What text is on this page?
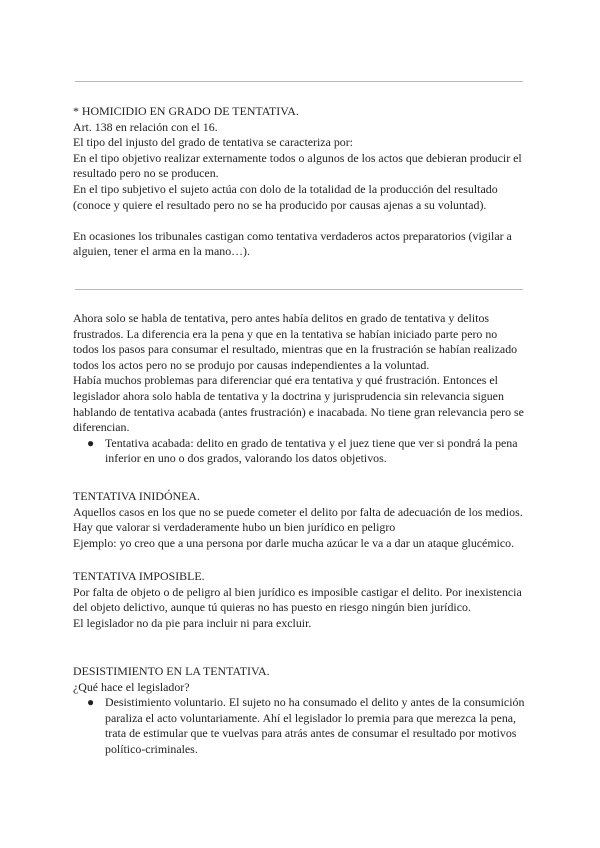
* HOMICIDIO EN GRADO DE TENTATIVA.

Art. 138 en relación con el 16.

El tipo del injusto del grado de tentativa se caracteriza por:

En el tipo objetivo realizar externamente todos o algunos de los actos que debieran producir el resultado pero no se producen.

En el tipo subjetivo el sujeto actúa con dolo de la totalidad de la producción del resultado (conoce y quiere el resultado pero no se ha producido por causas ajenas a su voluntad).

En ocasiones los tribunales castigan como tentativa verdaderos actos preparatorios (vigilar a alguien, tener el arma en la mano…).

Ahora solo se habla de tentativa, pero antes había delitos en grado de tentativa y delitos frustrados. La diferencia era la pena y que en la tentativa se habían iniciado parte pero no todos los pasos para consumar el resultado, mientras que en la frustración se habían realizado todos los actos pero no se produjo por causas independientes a la voluntad.

Había muchos problemas para diferenciar qué era tentativa y qué frustración. Entonces el legislador ahora solo habla de tentativa y la doctrina y jurisprudencia sin relevancia siguen hablando de tentativa acabada (antes frustración) e inacabada. No tiene gran relevancia pero se diferencian.

● Tentativa acabada: delito en grado de tentativa y el juez tiene que ver si pondrá la pena inferior en uno o dos grados, valorando los datos objetivos.

TENTATIVA INIDÓNEA.

Aquellos casos en los que no se puede cometer el delito por falta de adecuación de los medios. Hay que valorar si verdaderamente hubo un bien jurídico en peligro

Ejemplo: yo creo que a una persona por darle mucha azúcar le va a dar un ataque glucémico.

TENTATIVA IMPOSIBLE.

Por falta de objeto o de peligro al bien jurídico es imposible castigar el delito. Por inexistencia del objeto delictivo, aunque tú quieras no has puesto en riesgo ningún bien jurídico.

El legislador no da pie para incluir ni para excluir.

DESISTIMIENTO EN LA TENTATIVA.

¿Qué hace el legislador?

● Desistimiento voluntario. El sujeto no ha consumado el delito y antes de la consumición paraliza el acto voluntariamente. Ahí el legislador lo premia para que merezca la pena, trata de estimular que te vuelvas para atrás antes de consumar el resultado por motivos político-criminales.
